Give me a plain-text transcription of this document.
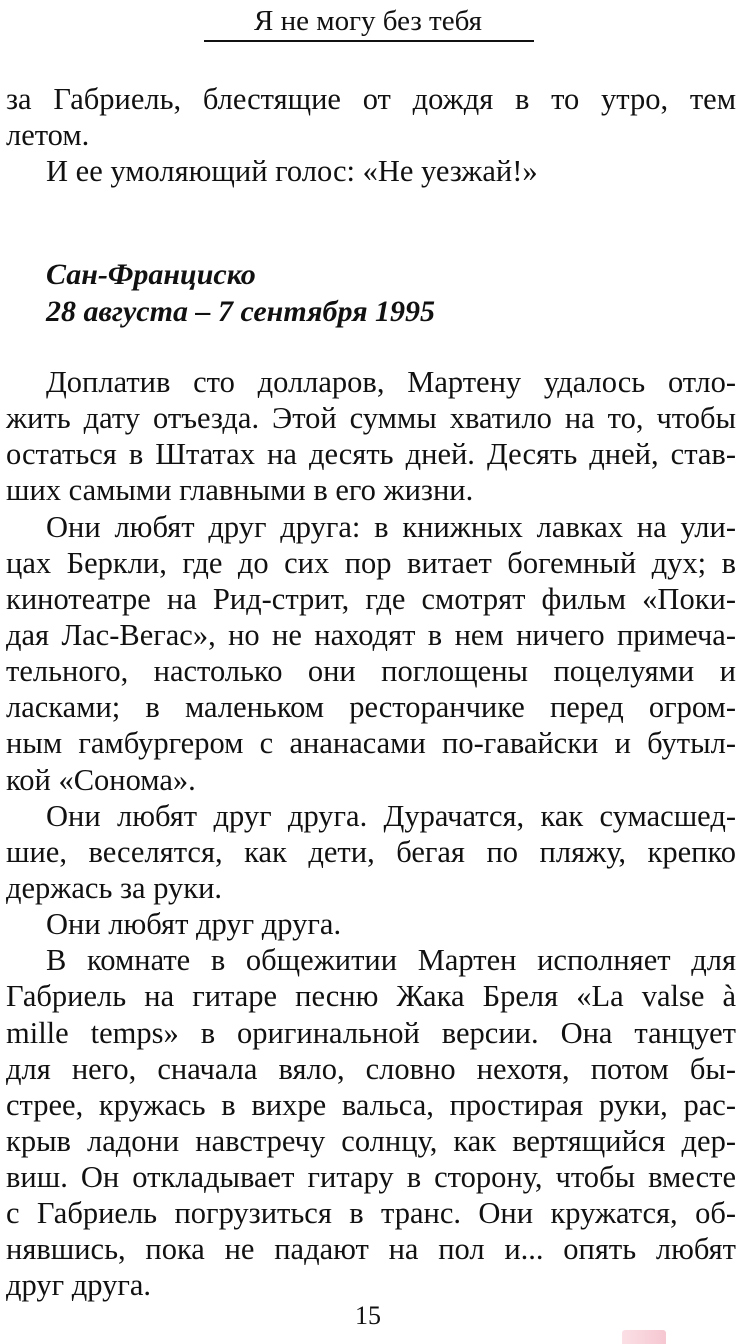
Я не могу без тебя
за Габриель, блестящие от дождя в то утро, тем
летом.
И ее умоляющий голос: «Не уезжай!»
Сан-Франциско
28 августа – 7 сентября 1995
Доплатив сто долларов, Мартену удалось отло-
жить дату отъезда. Этой суммы хватило на то, чтобы
остаться в Штатах на десять дней. Десять дней, став-
ших самыми главными в его жизни.
Они любят друг друга: в книжных лавках на ули-
цах Беркли, где до сих пор витает богемный дух; в
кинотеатре на Рид-стрит, где смотрят фильм «Поки-
дая Лас-Вегас», но не находят в нем ничего примеча-
тельного, настолько они поглощены поцелуями и
ласками; в маленьком ресторанчике перед огром-
ным гамбургером с ананасами по-гавайски и бутыл-
кой «Сонома».
Они любят друг друга. Дурачатся, как сумасшед-
шие, веселятся, как дети, бегая по пляжу, крепко
держась за руки.
Они любят друг друга.
В комнате в общежитии Мартен исполняет для
Габриель на гитаре песню Жака Бреля «La valse à
mille temps» в оригинальной версии. Она танцует
для него, сначала вяло, словно нехотя, потом бы-
стрее, кружась в вихре вальса, простирая руки, рас-
крыв ладони навстречу солнцу, как вертящийся дер-
виш. Он откладывает гитару в сторону, чтобы вместе
с Габриель погрузиться в транс. Они кружатся, об-
нявшись, пока не падают на пол и... опять любят
друг друга.
15
